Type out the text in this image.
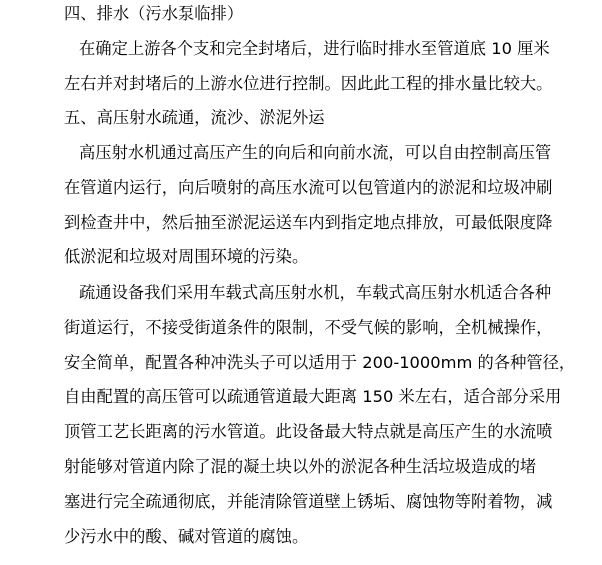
四、排水（污水泵临排）
在确定上游各个支和完全封堵后，进行临时排水至管道底 10 厘米
左右并对封堵后的上游水位进行控制。因此此工程的排水量比较大。
五、高压射水疏通，流沙、淤泥外运
高压射水机通过高压产生的向后和向前水流，可以自由控制高压管
在管道内运行，向后喷射的高压水流可以包管道内的淤泥和垃圾冲刷
到检查井中，然后抽至淤泥运送车内到指定地点排放，可最低限度降
低淤泥和垃圾对周围环境的污染。
疏通设备我们采用车载式高压射水机，车载式高压射水机适合各种
街道运行，不接受街道条件的限制，不受气候的影响，全机械操作，
安全简单，配置各种冲洗头子可以适用于 200-1000mm 的各种管径，
自由配置的高压管可以疏通管道最大距离 150 米左右，适合部分采用
顶管工艺长距离的污水管道。此设备最大特点就是高压产生的水流喷
射能够对管道内除了混的凝土块以外的淤泥各种生活垃圾造成的堵
塞进行完全疏通彻底，并能清除管道壁上锈垢、腐蚀物等附着物，减
少污水中的酸、碱对管道的腐蚀。
